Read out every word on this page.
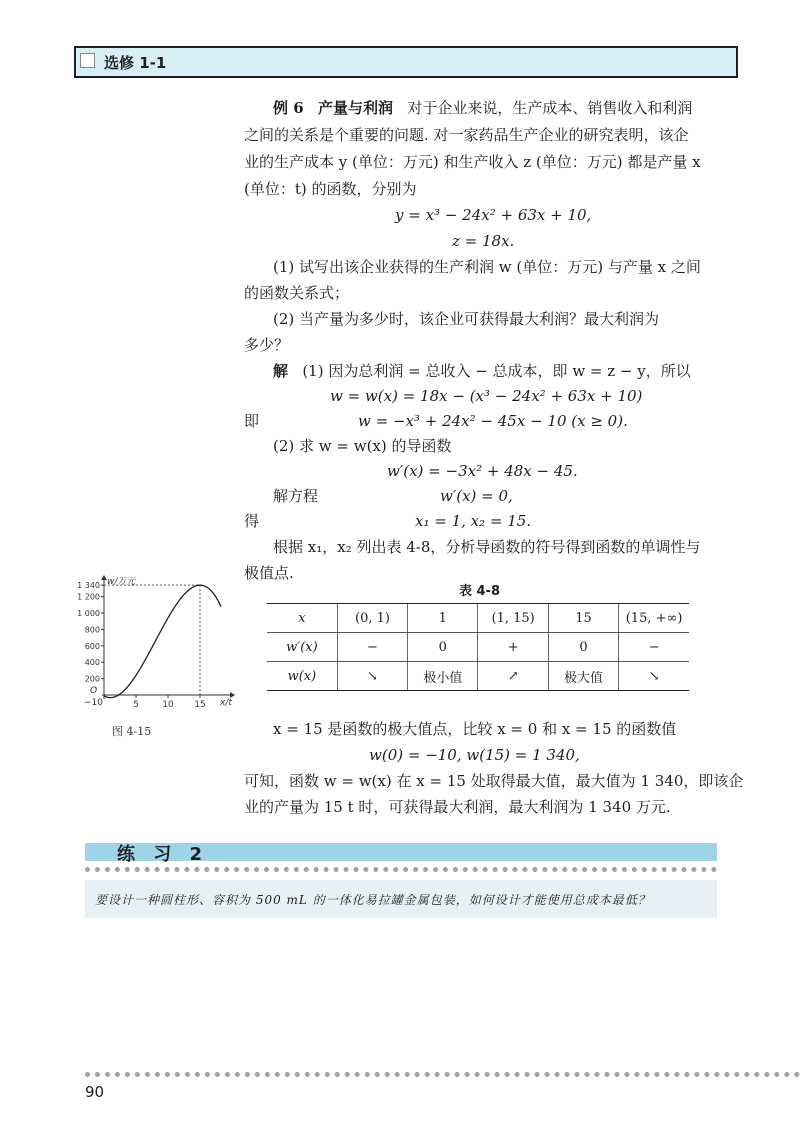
选修 1-1
例 6 产量与利润 对于企业来说，生产成本、销售收入和利润
之间的关系是个重要的问题. 对一家药品生产企业的研究表明，该企
业的生产成本 y (单位：万元) 和生产收入 z (单位：万元) 都是产量 x
(单位：t) 的函数，分别为
y = x³ − 24x² + 63x + 10,
z = 18x.
(1) 试写出该企业获得的生产利润 w (单位：万元) 与产量 x 之间
的函数关系式；
(2) 当产量为多少时，该企业可获得最大利润？最大利润为
多少？
解 (1) 因为总利润 = 总收入 − 总成本，即 w = z − y，所以
w = w(x) = 18x − (x³ − 24x² + 63x + 10)
即	w = −x³ + 24x² − 45x − 10 (x ≥ 0).
(2) 求 w = w(x) 的导函数
w′(x) = −3x² + 48x − 45.
解方程	w′(x) = 0,
得	x₁ = 1, x₂ = 15.
根据 x₁，x₂ 列出表 4-8，分析导函数的符号得到函数的单调性与
极值点.
表 4-8
x	(0, 1)	1	(1, 15)	15	(15, +∞)
w′(x)	−	0	+	0	−
w(x)	↘	极小值	↗	极大值	↘
w/万元
x/t
O
−10
200
400
600
800
1 000
1 200
1 340
5	10 15
图 4-15	x = 15 是函数的极大值点，比较 x = 0 和 x = 15 的函数值
w(0) = −10, w(15) = 1 340,
可知，函数 w = w(x) 在 x = 15 处取得最大值，最大值为 1 340，即该企
业的产量为 15 t 时，可获得最大利润，最大利润为 1 340 万元.
练 习 2
要设计一种圆柱形、容积为 500 mL 的一体化易拉罐金属包装，如何设计才能使用总成本最低？
90
